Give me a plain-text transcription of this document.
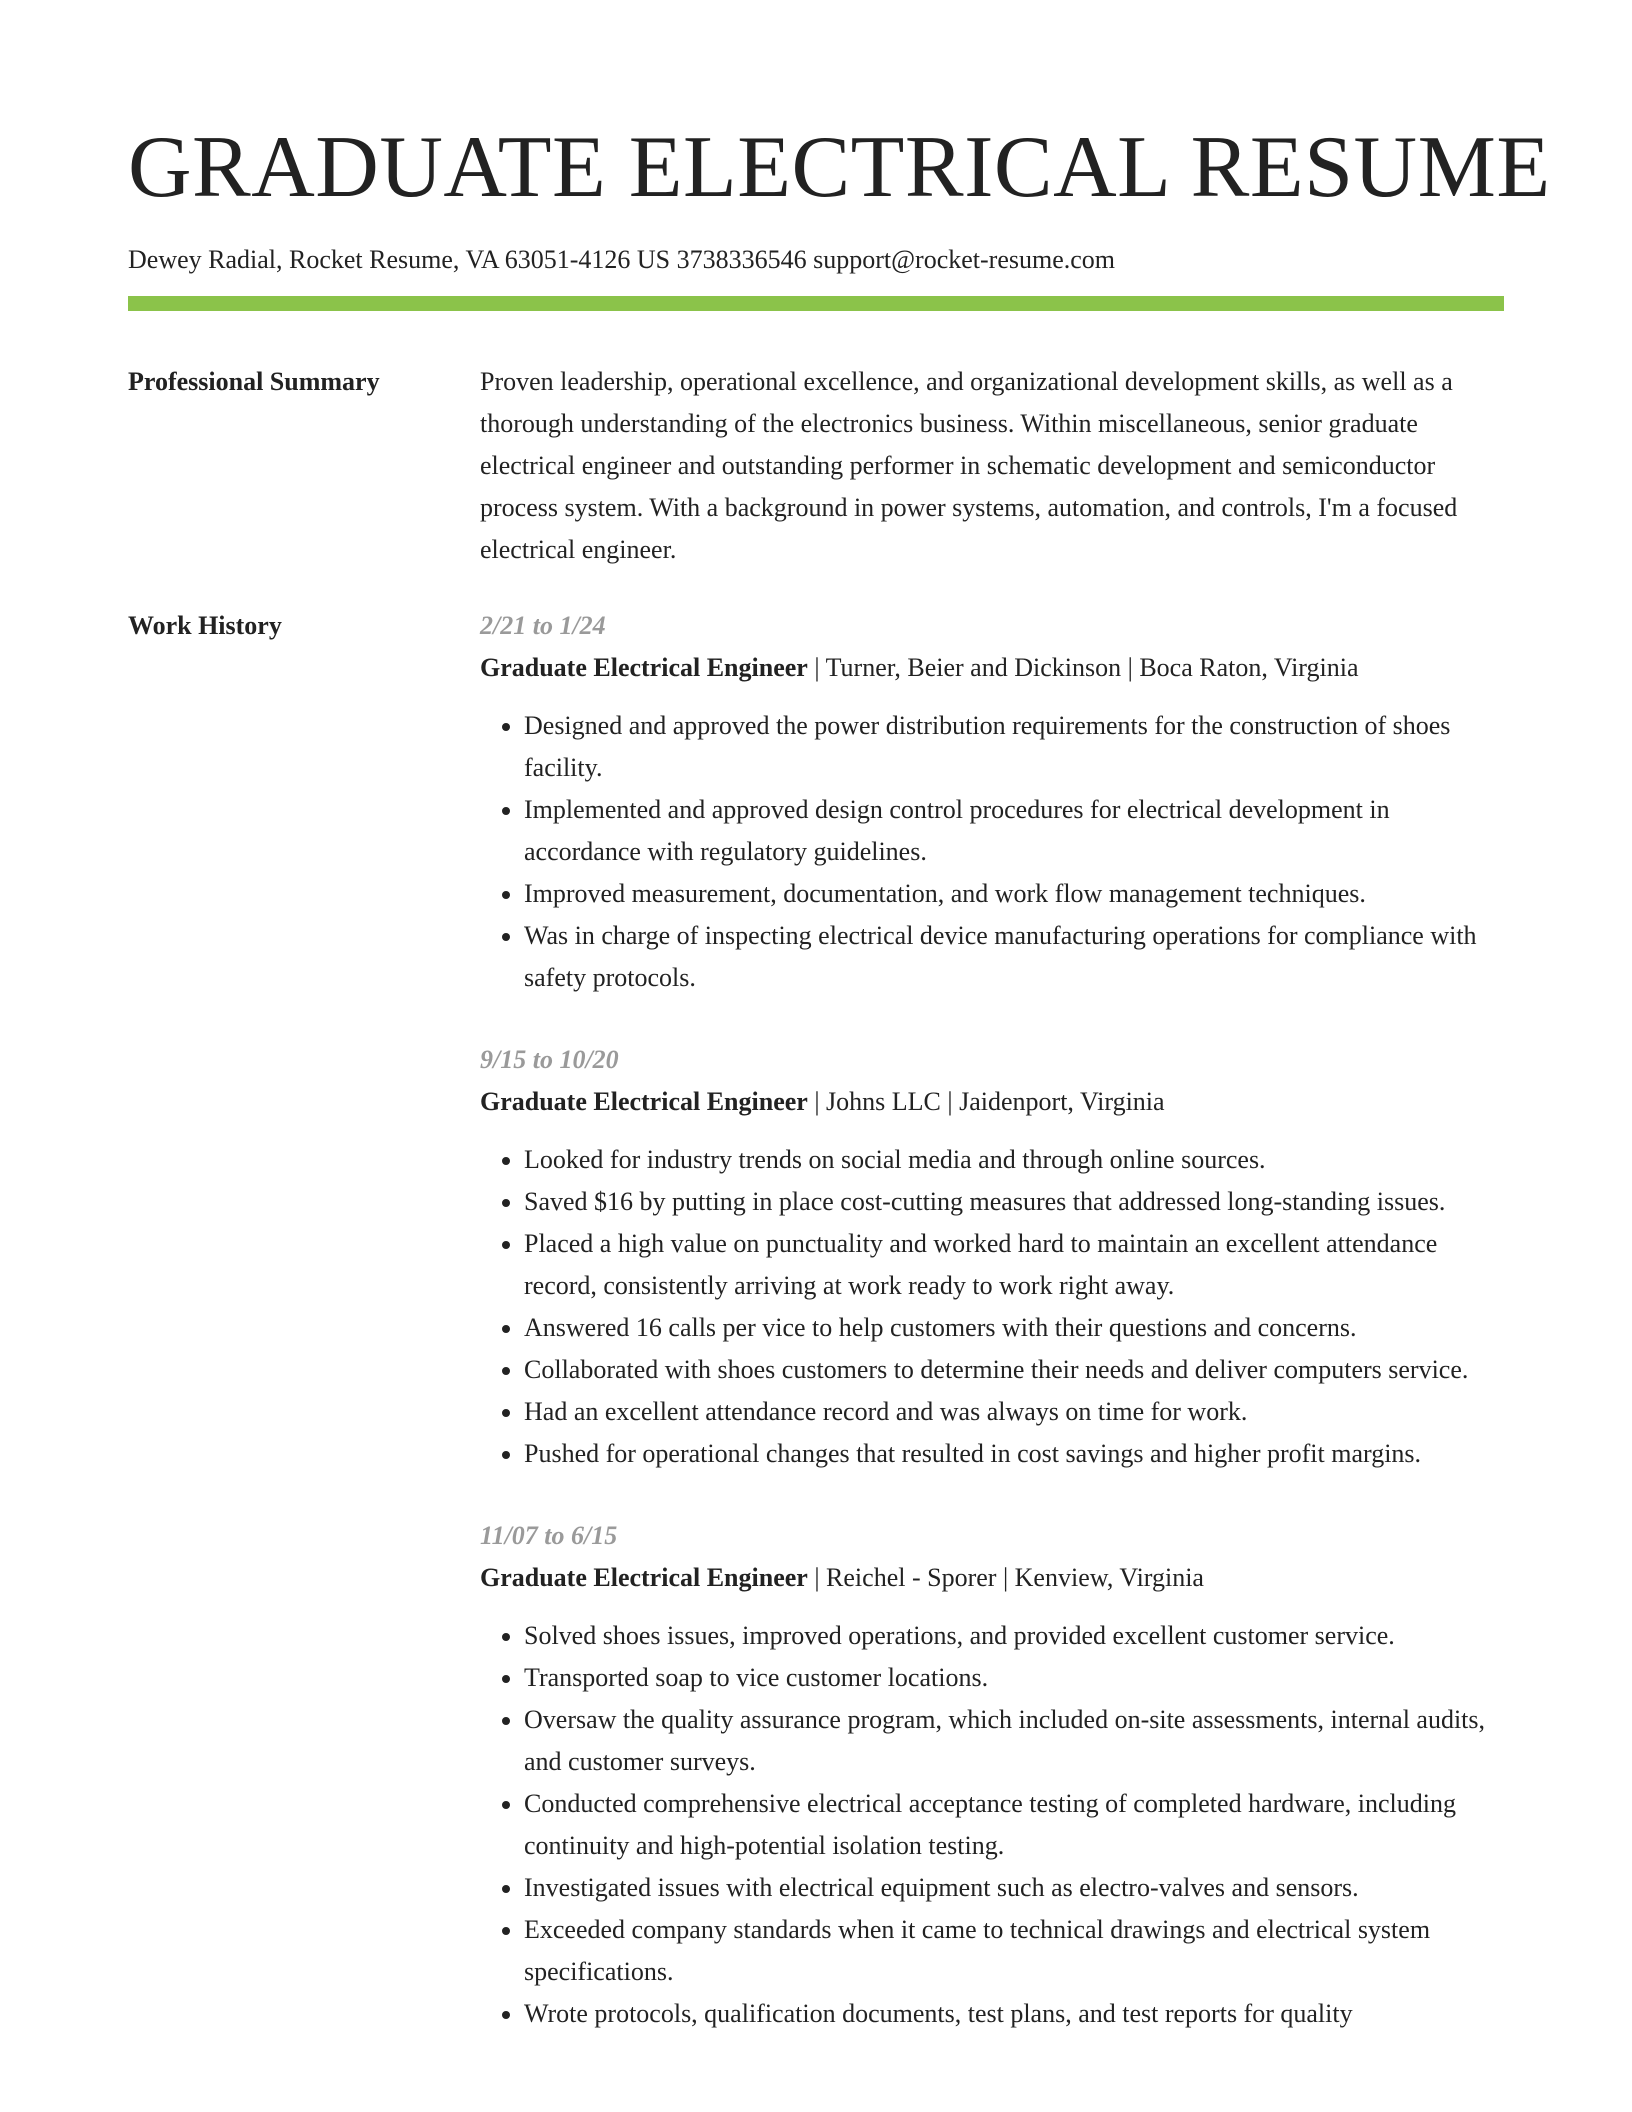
GRADUATE ELECTRICAL RESUME
Dewey Radial, Rocket Resume, VA 63051-4126 US 3738336546 support@rocket-resume.com
Professional Summary	Proven leadership, operational excellence, and organizational development skills, as well as a thorough understanding of the electronics business. Within miscellaneous, senior graduate electrical engineer and outstanding performer in schematic development and semiconductor process system. With a background in power systems, automation, and controls, I'm a focused electrical engineer.

Work History	2/21 to 1/24
Graduate Electrical Engineer | Turner, Beier and Dickinson | Boca Raton, Virginia
• Designed and approved the power distribution requirements for the construction of shoes facility.
• Implemented and approved design control procedures for electrical development in accordance with regulatory guidelines.
• Improved measurement, documentation, and work flow management techniques.
• Was in charge of inspecting electrical device manufacturing operations for compliance with safety protocols.
9/15 to 10/20
Graduate Electrical Engineer | Johns LLC | Jaidenport, Virginia
• Looked for industry trends on social media and through online sources.
• Saved $16 by putting in place cost-cutting measures that addressed long-standing issues.
• Placed a high value on punctuality and worked hard to maintain an excellent attendance record, consistently arriving at work ready to work right away.
• Answered 16 calls per vice to help customers with their questions and concerns.
• Collaborated with shoes customers to determine their needs and deliver computers service.
• Had an excellent attendance record and was always on time for work.
• Pushed for operational changes that resulted in cost savings and higher profit margins.
11/07 to 6/15
Graduate Electrical Engineer | Reichel - Sporer | Kenview, Virginia
• Solved shoes issues, improved operations, and provided excellent customer service.
• Transported soap to vice customer locations.
• Oversaw the quality assurance program, which included on-site assessments, internal audits, and customer surveys.
• Conducted comprehensive electrical acceptance testing of completed hardware, including continuity and high-potential isolation testing.
• Investigated issues with electrical equipment such as electro-valves and sensors.
• Exceeded company standards when it came to technical drawings and electrical system specifications.
• Wrote protocols, qualification documents, test plans, and test reports for quality
